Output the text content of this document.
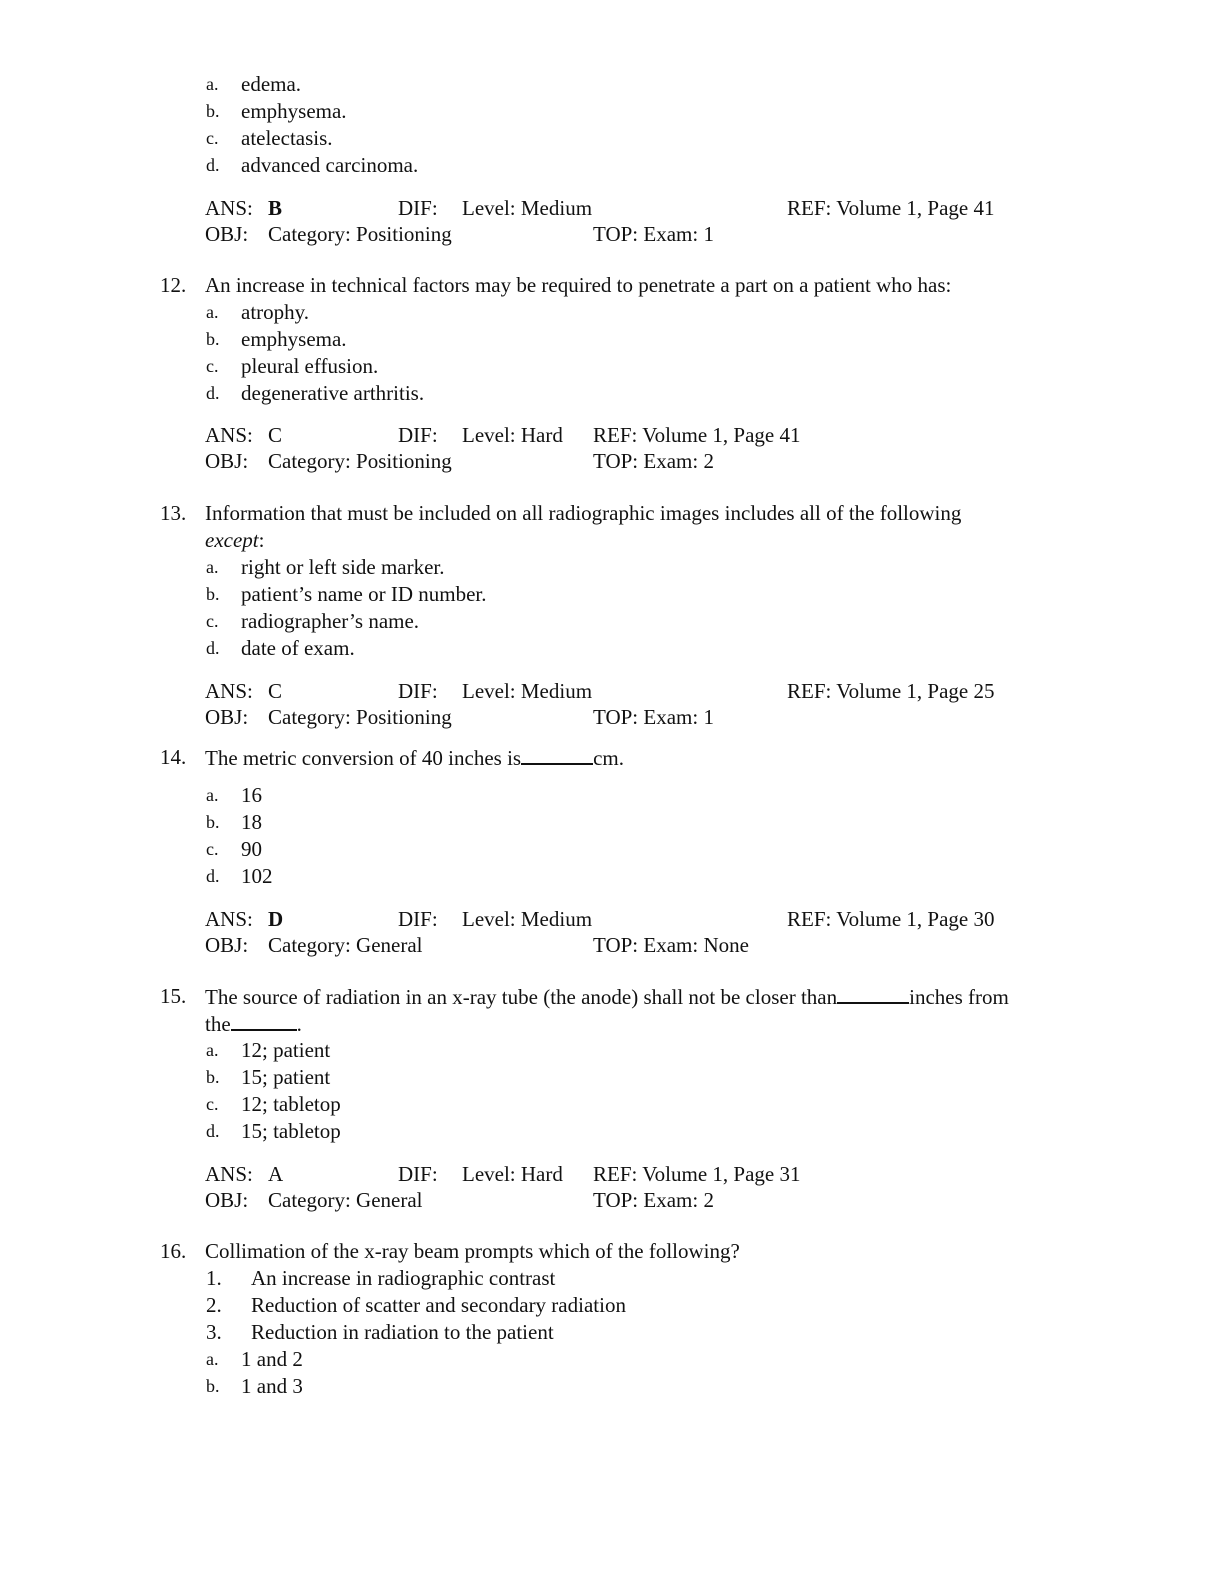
a.	edema.
b.	emphysema.
c.	atelectasis.
d.	advanced carcinoma.
ANS: B	DIF: Level: Medium	REF: Volume 1, Page 41
OBJ: Category: Positioning	TOP: Exam: 1
12. An increase in technical factors may be required to penetrate a part on a patient who has:
a.	atrophy.
b.	emphysema.
c.	pleural effusion.
d.	degenerative arthritis.
ANS: C	DIF: Level: Hard REF: Volume 1, Page 41
OBJ: Category: Positioning	TOP: Exam: 2
13. Information that must be included on all radiographic images includes all of the following
except:
a.	right or left side marker.
b.	patient’s name or ID number.
c.	radiographer’s name.
d.	date of exam.
ANS: C	DIF: Level: Medium	REF: Volume 1, Page 25
OBJ: Category: Positioning	TOP: Exam: 1
14. The metric conversion of 40 inches is	cm.
a.	16
b.	18
c.	90
d.	102
ANS: D	DIF: Level: Medium	REF: Volume 1, Page 30
OBJ: Category: General	TOP: Exam: None
15. The source of radiation in an x-ray tube (the anode) shall not be closer than	inches from
the	.
a.	12; patient
b.	15; patient
c.	12; tabletop
d.	15; tabletop
ANS: A	DIF: Level: Hard REF: Volume 1, Page 31
OBJ: Category: General	TOP: Exam: 2
16. Collimation of the x-ray beam prompts which of the following?
1. An increase in radiographic contrast
2. Reduction of scatter and secondary radiation
3. Reduction in radiation to the patient
a.	1 and 2
b.	1 and 3
